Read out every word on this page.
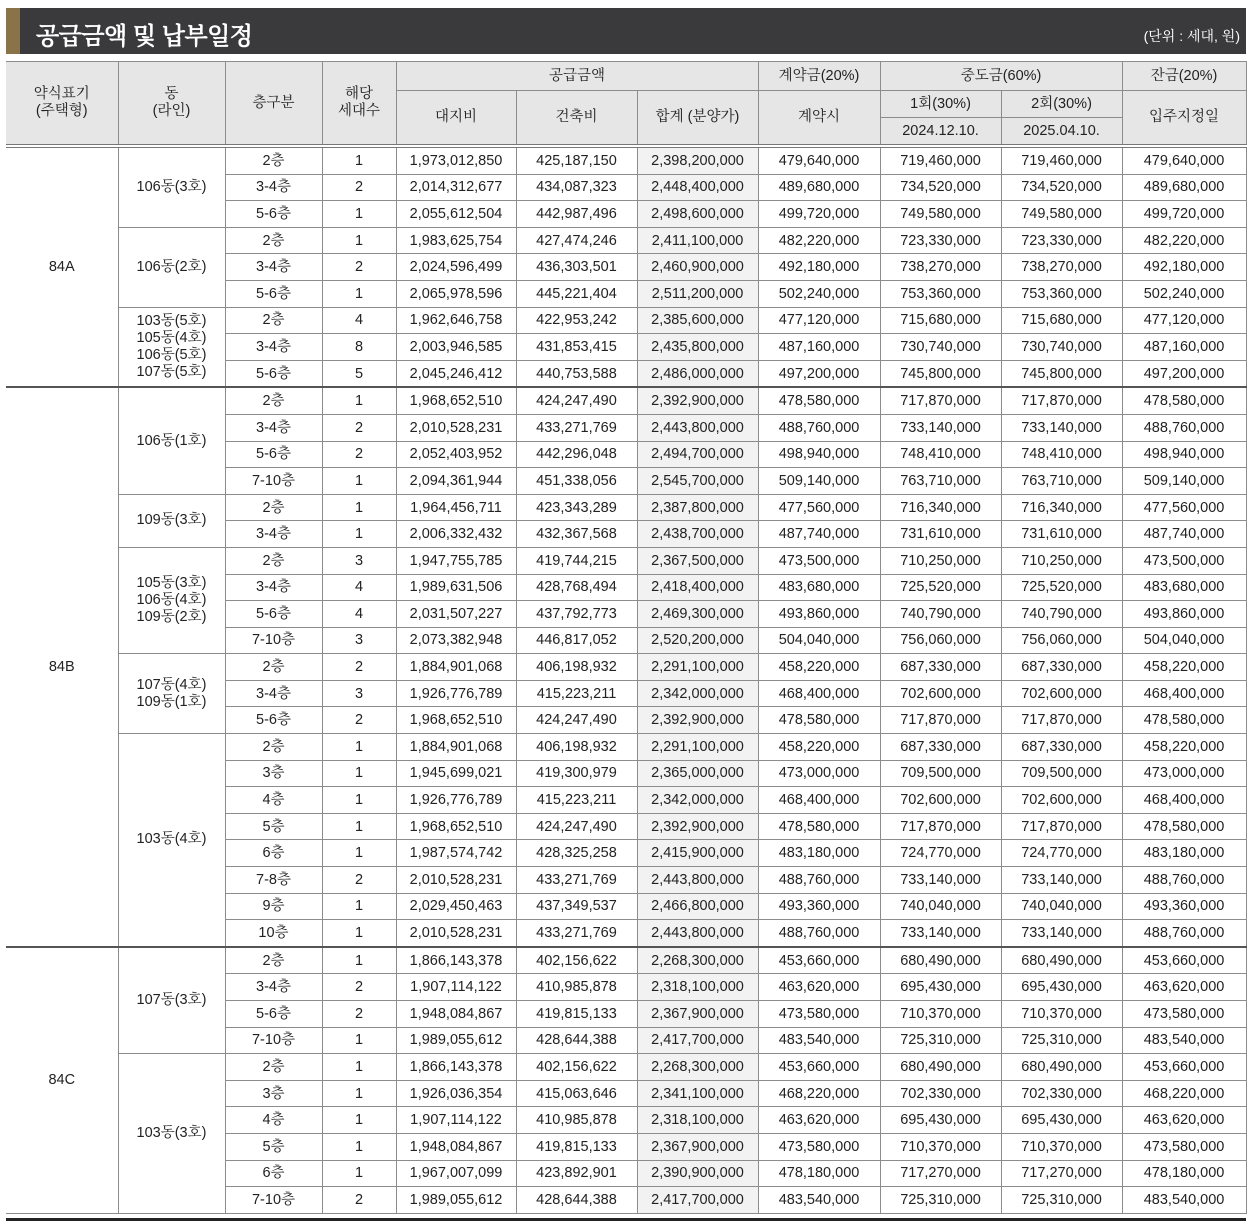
공급금액 및 납부일정	(단위 : 세대, 원)
약식표기
(주택형)	동
(라인)	층구분	해당
세대수	공급금액			계약금(20%)	중도금(60%)		잔금(20%)
				대지비	건축비	합계 (분양가)	계약시	1회(30%)	2회(30%)	입주지정일
								2024.12.10.	2025.04.10.	
84A	106동(3호)	2층	1	1,973,012,850	425,187,150	2,398,200,000	479,640,000	719,460,000	719,460,000	479,640,000
		3-4층	2	2,014,312,677	434,087,323	2,448,400,000	489,680,000	734,520,000	734,520,000	489,680,000
		5-6층	1	2,055,612,504	442,987,496	2,498,600,000	499,720,000	749,580,000	749,580,000	499,720,000
	106동(2호)	2층	1	1,983,625,754	427,474,246	2,411,100,000	482,220,000	723,330,000	723,330,000	482,220,000
		3-4층	2	2,024,596,499	436,303,501	2,460,900,000	492,180,000	738,270,000	738,270,000	492,180,000
		5-6층	1	2,065,978,596	445,221,404	2,511,200,000	502,240,000	753,360,000	753,360,000	502,240,000
	103동(5호)
105동(4호)
106동(5호)
107동(5호)	2층	4	1,962,646,758	422,953,242	2,385,600,000	477,120,000	715,680,000	715,680,000	477,120,000
		3-4층	8	2,003,946,585	431,853,415	2,435,800,000	487,160,000	730,740,000	730,740,000	487,160,000
		5-6층	5	2,045,246,412	440,753,588	2,486,000,000	497,200,000	745,800,000	745,800,000	497,200,000
84B	106동(1호)	2층	1	1,968,652,510	424,247,490	2,392,900,000	478,580,000	717,870,000	717,870,000	478,580,000
		3-4층	2	2,010,528,231	433,271,769	2,443,800,000	488,760,000	733,140,000	733,140,000	488,760,000
		5-6층	2	2,052,403,952	442,296,048	2,494,700,000	498,940,000	748,410,000	748,410,000	498,940,000
		7-10층	1	2,094,361,944	451,338,056	2,545,700,000	509,140,000	763,710,000	763,710,000	509,140,000
	109동(3호)	2층	1	1,964,456,711	423,343,289	2,387,800,000	477,560,000	716,340,000	716,340,000	477,560,000
		3-4층	1	2,006,332,432	432,367,568	2,438,700,000	487,740,000	731,610,000	731,610,000	487,740,000
	105동(3호)
106동(4호)
109동(2호)	2층	3	1,947,755,785	419,744,215	2,367,500,000	473,500,000	710,250,000	710,250,000	473,500,000
		3-4층	4	1,989,631,506	428,768,494	2,418,400,000	483,680,000	725,520,000	725,520,000	483,680,000
		5-6층	4	2,031,507,227	437,792,773	2,469,300,000	493,860,000	740,790,000	740,790,000	493,860,000
		7-10층	3	2,073,382,948	446,817,052	2,520,200,000	504,040,000	756,060,000	756,060,000	504,040,000
	107동(4호)
109동(1호)	2층	2	1,884,901,068	406,198,932	2,291,100,000	458,220,000	687,330,000	687,330,000	458,220,000
		3-4층	3	1,926,776,789	415,223,211	2,342,000,000	468,400,000	702,600,000	702,600,000	468,400,000
		5-6층	2	1,968,652,510	424,247,490	2,392,900,000	478,580,000	717,870,000	717,870,000	478,580,000
	103동(4호)	2층	1	1,884,901,068	406,198,932	2,291,100,000	458,220,000	687,330,000	687,330,000	458,220,000
		3층	1	1,945,699,021	419,300,979	2,365,000,000	473,000,000	709,500,000	709,500,000	473,000,000
		4층	1	1,926,776,789	415,223,211	2,342,000,000	468,400,000	702,600,000	702,600,000	468,400,000
		5층	1	1,968,652,510	424,247,490	2,392,900,000	478,580,000	717,870,000	717,870,000	478,580,000
		6층	1	1,987,574,742	428,325,258	2,415,900,000	483,180,000	724,770,000	724,770,000	483,180,000
		7-8층	2	2,010,528,231	433,271,769	2,443,800,000	488,760,000	733,140,000	733,140,000	488,760,000
		9층	1	2,029,450,463	437,349,537	2,466,800,000	493,360,000	740,040,000	740,040,000	493,360,000
		10층	1	2,010,528,231	433,271,769	2,443,800,000	488,760,000	733,140,000	733,140,000	488,760,000
84C	107동(3호)	2층	1	1,866,143,378	402,156,622	2,268,300,000	453,660,000	680,490,000	680,490,000	453,660,000
		3-4층	2	1,907,114,122	410,985,878	2,318,100,000	463,620,000	695,430,000	695,430,000	463,620,000
		5-6층	2	1,948,084,867	419,815,133	2,367,900,000	473,580,000	710,370,000	710,370,000	473,580,000
		7-10층	1	1,989,055,612	428,644,388	2,417,700,000	483,540,000	725,310,000	725,310,000	483,540,000
	103동(3호)	2층	1	1,866,143,378	402,156,622	2,268,300,000	453,660,000	680,490,000	680,490,000	453,660,000
		3층	1	1,926,036,354	415,063,646	2,341,100,000	468,220,000	702,330,000	702,330,000	468,220,000
		4층	1	1,907,114,122	410,985,878	2,318,100,000	463,620,000	695,430,000	695,430,000	463,620,000
		5층	1	1,948,084,867	419,815,133	2,367,900,000	473,580,000	710,370,000	710,370,000	473,580,000
		6층	1	1,967,007,099	423,892,901	2,390,900,000	478,180,000	717,270,000	717,270,000	478,180,000
		7-10층	2	1,989,055,612	428,644,388	2,417,700,000	483,540,000	725,310,000	725,310,000	483,540,000
